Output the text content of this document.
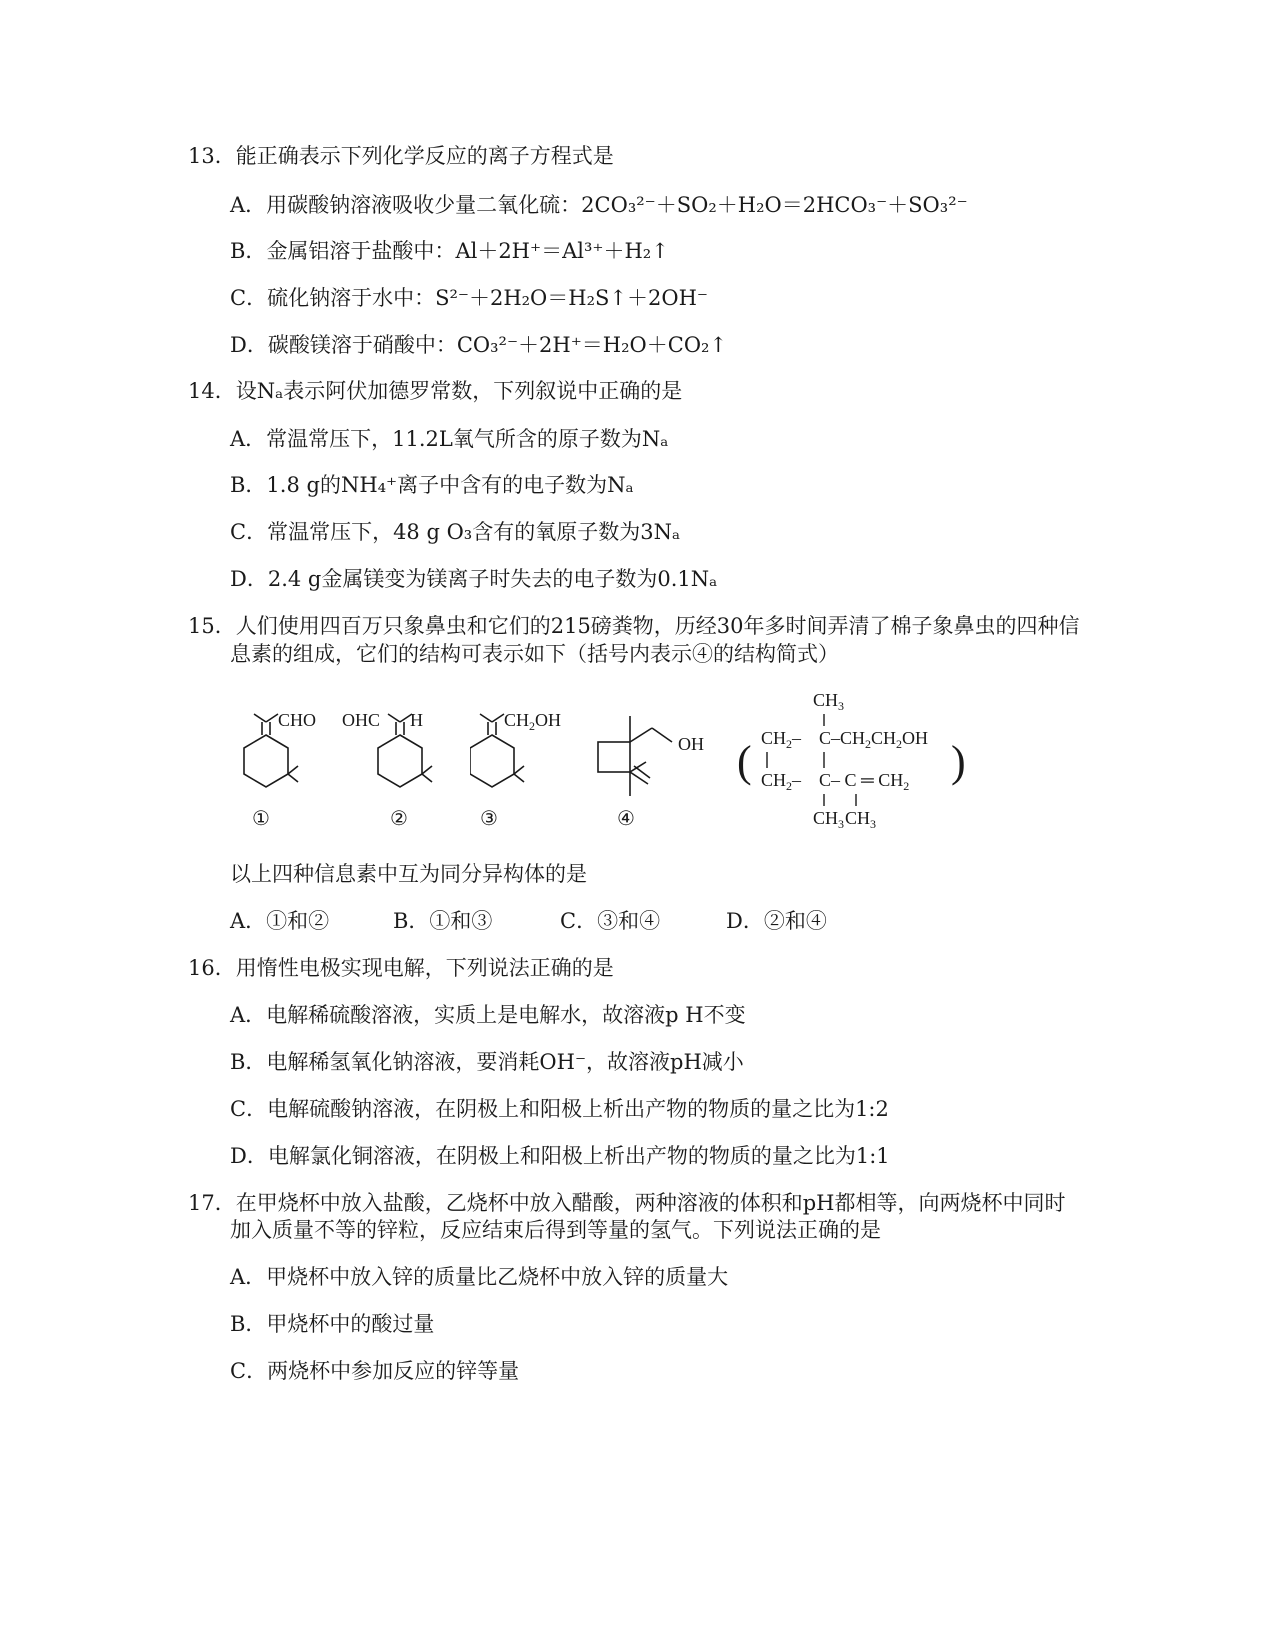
13．能正确表示下列化学反应的离子方程式是
A．用碳酸钠溶液吸收少量二氧化硫：2CO₃²⁻＋SO₂＋H₂O＝2HCO₃⁻＋SO₃²⁻
B．金属铝溶于盐酸中：Al＋2H⁺＝Al³⁺＋H₂↑
C．硫化钠溶于水中：S²⁻＋2H₂O＝H₂S↑＋2OH⁻
D．碳酸镁溶于硝酸中：CO₃²⁻＋2H⁺＝H₂O＋CO₂↑
14．设Nₐ表示阿伏加德罗常数，下列叙说中正确的是
A．常温常压下，11.2L氧气所含的原子数为Nₐ
B．1.8 g的NH₄⁺离子中含有的电子数为Nₐ
C．常温常压下，48 g O₃含有的氧原子数为3Nₐ
D．2.4 g金属镁变为镁离子时失去的电子数为0.1Nₐ
15．人们使用四百万只象鼻虫和它们的215磅粪物，历经30年多时间弄清了棉子象鼻虫的四种信
息素的组成，它们的结构可表示如下（括号内表示④的结构简式）
CHO OHC H	$CH_2OH$
OH
$CH_3$
$CH_2-$ $C-CH_2CH_2OH$
$CH_2-$ C– C ═ $CH_2$
$CH_3$ $CH_3$
(	)
①	②	③	④
以上四种信息素中互为同分异构体的是
A．①和②	B．①和③	C．③和④	D．②和④
16．用惰性电极实现电解，下列说法正确的是
A．电解稀硫酸溶液，实质上是电解水，故溶液p H不变
B．电解稀氢氧化钠溶液，要消耗OH⁻，故溶液pH减小
C．电解硫酸钠溶液，在阴极上和阳极上析出产物的物质的量之比为1:2
D．电解氯化铜溶液，在阴极上和阳极上析出产物的物质的量之比为1:1
17．在甲烧杯中放入盐酸，乙烧杯中放入醋酸，两种溶液的体积和pH都相等，向两烧杯中同时
加入质量不等的锌粒，反应结束后得到等量的氢气。下列说法正确的是
A．甲烧杯中放入锌的质量比乙烧杯中放入锌的质量大
B．甲烧杯中的酸过量
C．两烧杯中参加反应的锌等量
